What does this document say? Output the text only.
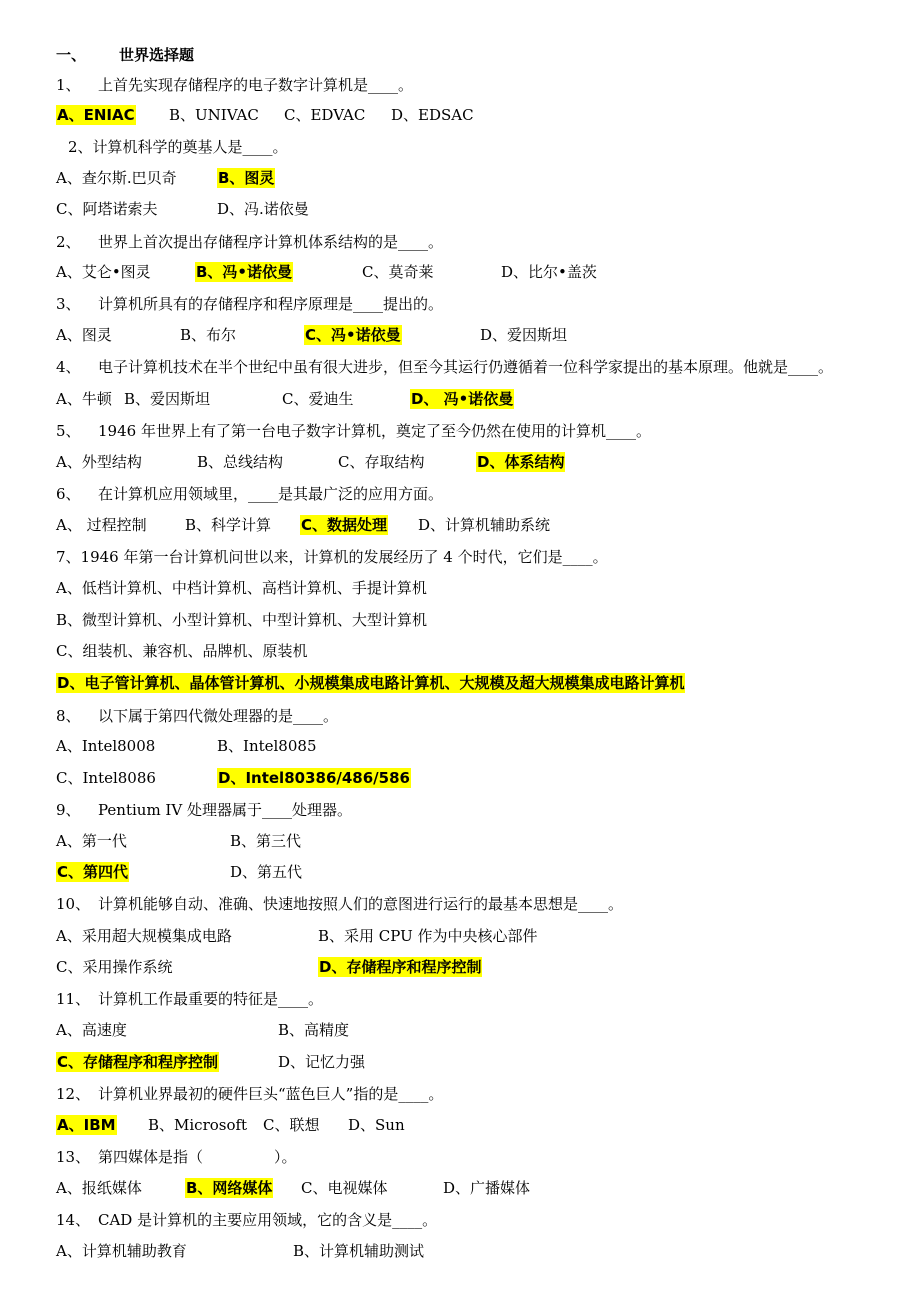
一、 世界选择题
1、 上首先实现存储程序的电子数字计算机是____。
A、ENIAC B、UNIVAC C、EDVAC D、EDSAC
2、计算机科学的奠基人是____。
A、查尔斯.巴贝奇	B、图灵
C、阿塔诺索夫	D、冯.诺依曼
2、 世界上首次提出存储程序计算机体系结构的是____。
A、艾仑•图灵	B、冯•诺依曼	C、莫奇莱	D、比尔•盖茨
3、 计算机所具有的存储程序和程序原理是____提出的。
A、图灵	B、布尔	C、冯•诺依曼	D、爱因斯坦
4、 电子计算机技术在半个世纪中虽有很大进步，但至今其运行仍遵循着一位科学家提出的基本原理。他就是____。
A、牛顿 B、爱因斯坦	C、爱迪生	D、 冯•诺依曼
5、 1946 年世界上有了第一台电子数字计算机，奠定了至今仍然在使用的计算机____。
A、外型结构	B、总线结构	C、存取结构	D、体系结构
6、 在计算机应用领域里，____是其最广泛的应用方面。
A、 过程控制	B、科学计算 C、数据处理 D、计算机辅助系统
7、1946 年第一台计算机问世以来，计算机的发展经历了 4 个时代，它们是____。
A、低档计算机、中档计算机、高档计算机、手提计算机
B、微型计算机、小型计算机、中型计算机、大型计算机
C、组装机、兼容机、品牌机、原装机
D、电子管计算机、晶体管计算机、小规模集成电路计算机、大规模及超大规模集成电路计算机
8、 以下属于第四代微处理器的是____。
A、Intel8008	B、Intel8085
C、Intel8086	D、Intel80386/486/586
9、 Pentium IV 处理器属于____处理器。
A、第一代	B、第三代
C、第四代	D、第五代
10、 计算机能够自动、准确、快速地按照人们的意图进行运行的最基本思想是____。
A、采用超大规模集成电路	B、采用 CPU 作为中央核心部件
C、采用操作系统	D、存储程序和程序控制
11、 计算机工作最重要的特征是____。
A、高速度	B、高精度
C、存储程序和程序控制	D、记忆力强
12、 计算机业界最初的硬件巨头“蓝色巨人”指的是____。
A、IBM B、Microsoft C、联想 D、Sun
13、 第四媒体是指（	）。
A、报纸媒体	B、网络媒体 C、电视媒体	D、广播媒体
14、 CAD 是计算机的主要应用领域，它的含义是____。
A、计算机辅助教育	B、计算机辅助测试
